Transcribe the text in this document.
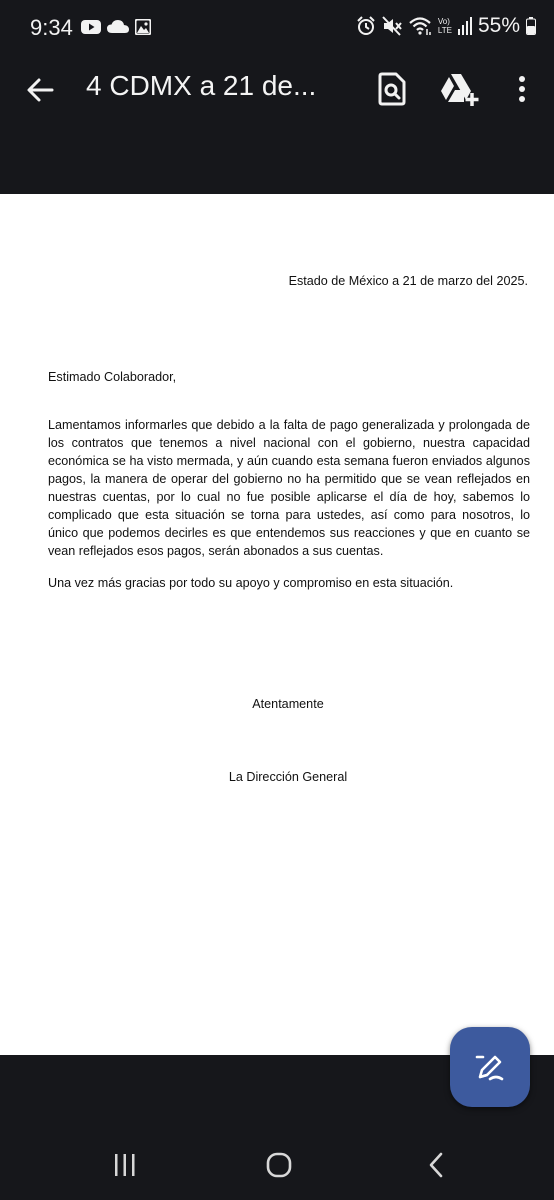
9:34	Vo)
LTE 55%
4 CDMX a 21 de...
Estado de México a 21 de marzo del 2025.
Estimado Colaborador,
Lamentamos informarles que debido a la falta de pago generalizada y prolongada de los contratos que tenemos a nivel nacional con el gobierno, nuestra capacidad económica se ha visto mermada, y aún cuando esta semana fueron enviados algunos pagos, la manera de operar del gobierno no ha permitido que se vean reflejados en nuestras cuentas, por lo cual no fue posible aplicarse el día de hoy, sabemos lo complicado que esta situación se torna para ustedes, así como para nosotros, lo único que podemos decirles es que entendemos sus reacciones y que en cuanto se vean reflejados esos pagos, serán abonados a sus cuentas.
Una vez más gracias por todo su apoyo y compromiso en esta situación.
Atentamente
La Dirección General
